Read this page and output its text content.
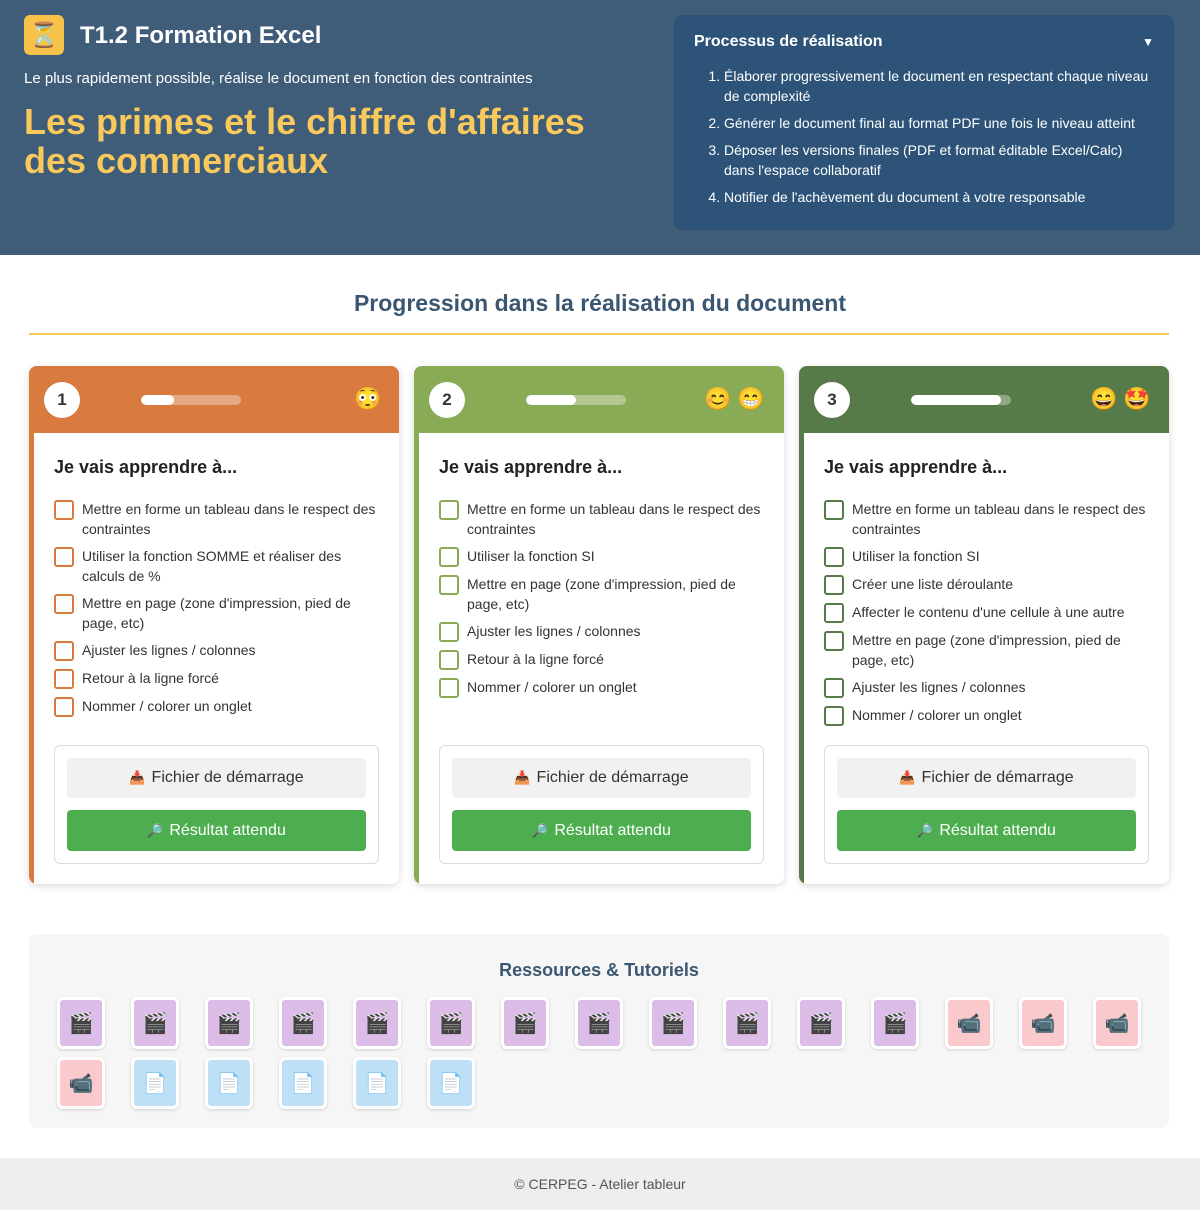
⏳ T1.2 Formation Excel

Le plus rapidement possible, réalise le document en fonction des contraintes

Les primes et le chiffre d'affaires des commerciaux
Processus de réalisation	▼
1. Élaborer progressivement le document en respectant chaque niveau de complexité
2. Générer le document final au format PDF une fois le niveau atteint
3. Déposer les versions finales (PDF et format éditable Excel/Calc) dans l'espace collaboratif
4. Notifier de l'achèvement du document à votre responsable
Progression dans la réalisation du document
1	😳
Je vais apprendre à...
Mettre en forme un tableau dans le respect des contraintes
Utiliser la fonction SOMME et réaliser des calculs de %
Mettre en page (zone d'impression, pied de page, etc)
Ajuster les lignes / colonnes
Retour à la ligne forcé
Nommer / colorer un onglet
📥 Fichier de démarrage
🔎 Résultat attendu
2	😊 😁
Je vais apprendre à...
Mettre en forme un tableau dans le respect des contraintes
Utiliser la fonction SI
Mettre en page (zone d'impression, pied de page, etc)
Ajuster les lignes / colonnes
Retour à la ligne forcé
Nommer / colorer un onglet
📥 Fichier de démarrage
🔎 Résultat attendu
3	😄 🤩
Je vais apprendre à...
Mettre en forme un tableau dans le respect des contraintes
Utiliser la fonction SI
Créer une liste déroulante
Affecter le contenu d'une cellule à une autre
Mettre en page (zone d'impression, pied de page, etc)
Ajuster les lignes / colonnes
Nommer / colorer un onglet
📥 Fichier de démarrage
🔎 Résultat attendu
Ressources & Tutoriels
🎬	🎬	🎬	🎬	🎬	🎬	🎬	🎬	🎬	🎬	🎬	🎬	📹	📹	📹
📹	📄	📄	📄	📄	📄
© CERPEG - Atelier tableur
